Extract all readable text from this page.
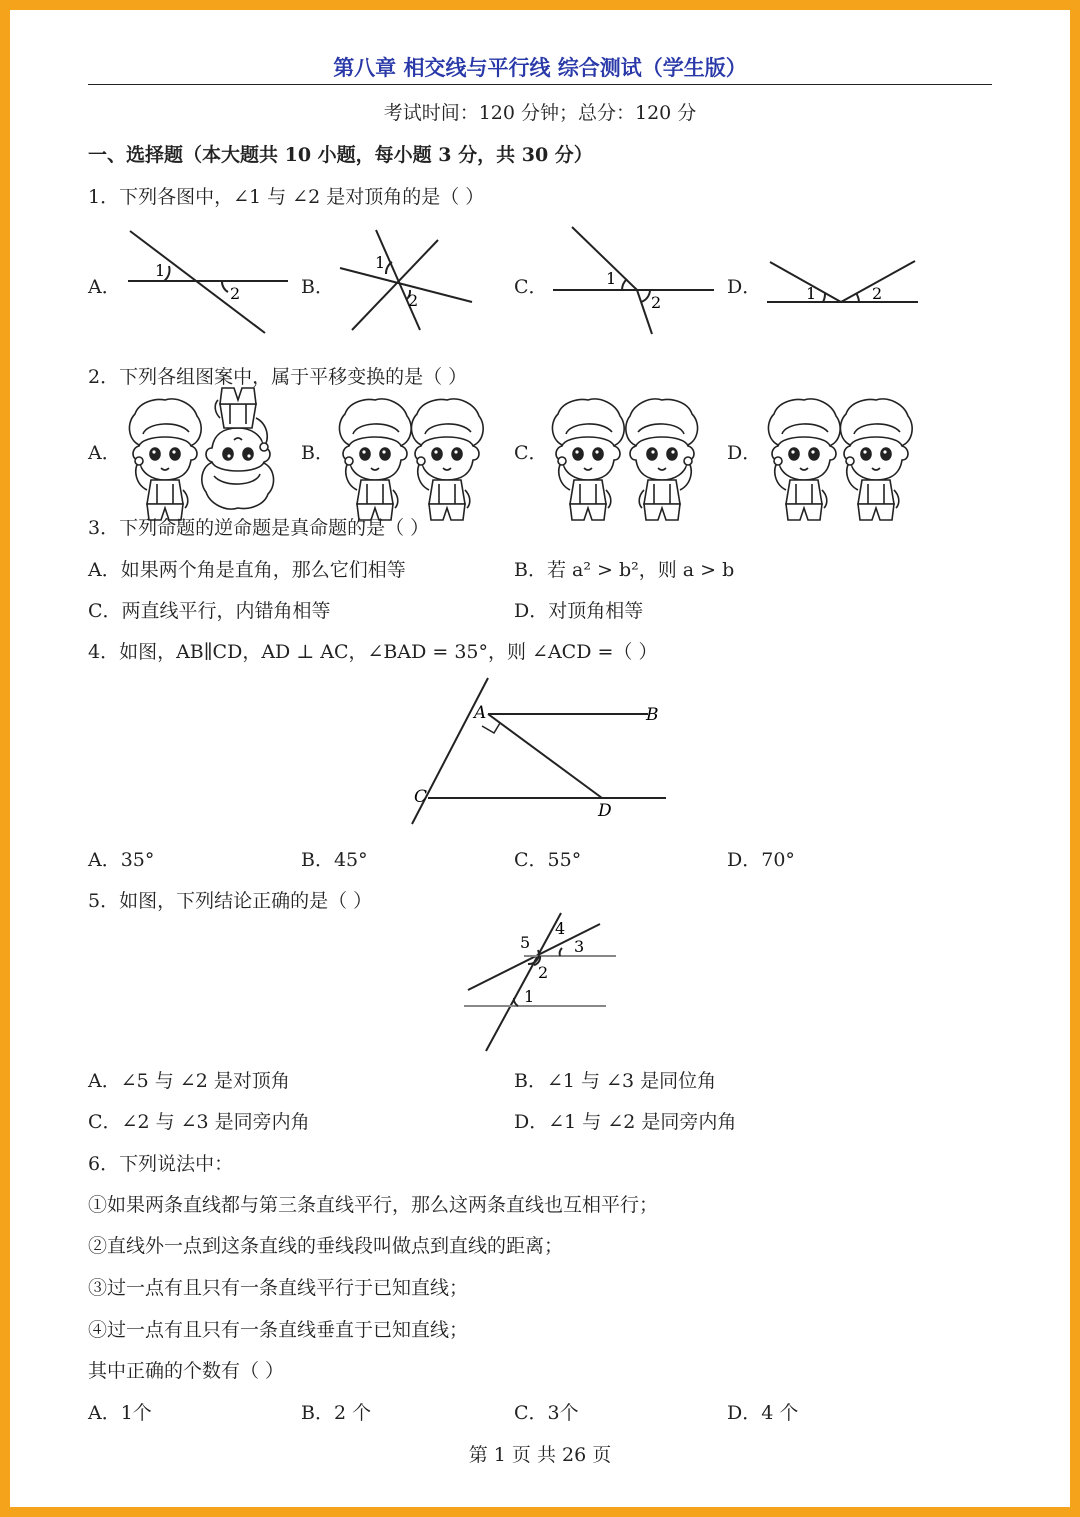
第八章 相交线与平行线 综合测试（学生版）
考试时间：120 分钟；总分：120 分
一、选择题（本大题共 10 小题，每小题 3 分，共 30 分）
1．下列各图中，∠1 与 ∠2 是对顶角的是（ ）
A．	B．	C．	D．
1
2
1
2
1
2	1	2
A	B
C
D
1
2
3
4
5
2．下列各组图案中，属于平移变换的是（ ）
A．	B．	C．	D．
3．下列命题的逆命题是真命题的是（ ）
A．如果两个角是直角，那么它们相等	B．若 a² > b²，则 a > b
C．两直线平行，内错角相等	D．对顶角相等
4．如图，AB∥CD，AD ⊥ AC，∠BAD = 35°，则 ∠ACD =（ ）
A．35°	B．45°	C．55°	D．70°
5．如图，下列结论正确的是（ ）
A．∠5 与 ∠2 是对顶角	B．∠1 与 ∠3 是同位角
C．∠2 与 ∠3 是同旁内角	D．∠1 与 ∠2 是同旁内角
6．下列说法中：
①如果两条直线都与第三条直线平行，那么这两条直线也互相平行；
②直线外一点到这条直线的垂线段叫做点到直线的距离；
③过一点有且只有一条直线平行于已知直线；
④过一点有且只有一条直线垂直于已知直线；
其中正确的个数有（ ）
A．1个	B．2 个	C．3个	D．4 个
第 1 页 共 26 页
